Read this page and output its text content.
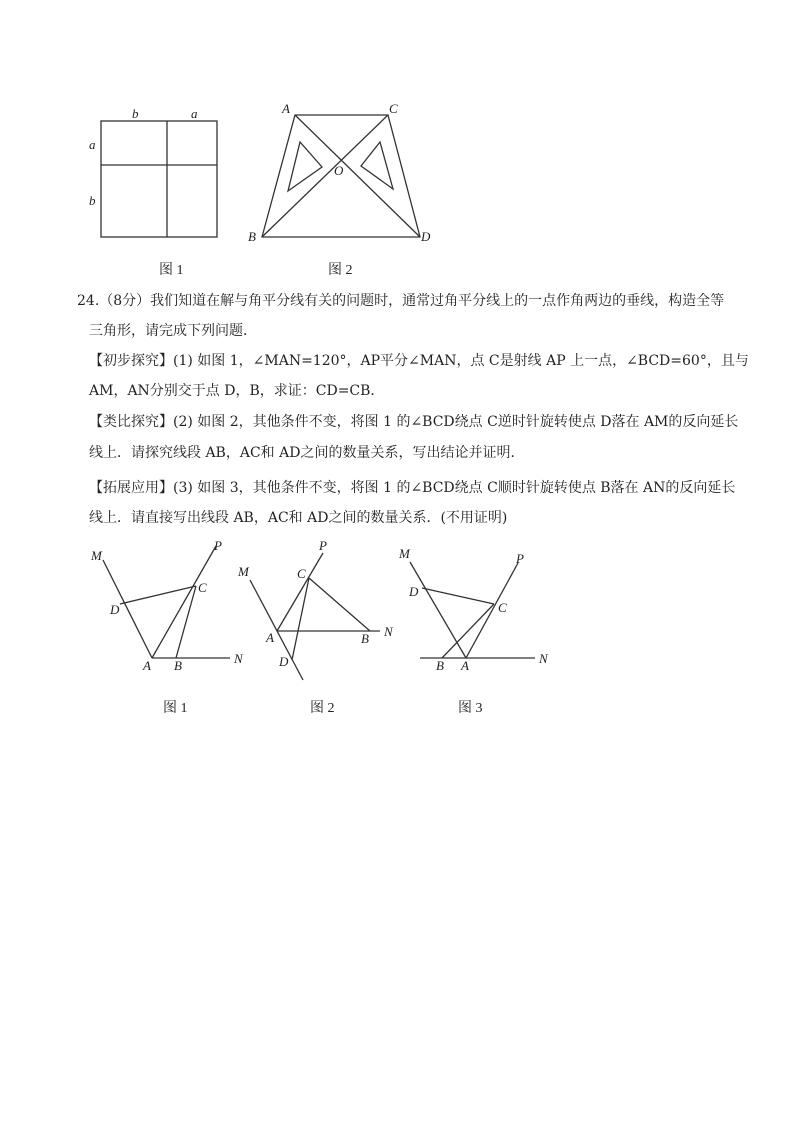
b	a
a
b
图 1
A	C
O
B	D
图 2
24.（8分）我们知道在解与角平分线有关的问题时，通常过角平分线上的一点作角两边的垂线，构造全等
三角形，请完成下列问题．
【初步探究】(1) 如图 1，∠MAN=120°，AP平分∠MAN，点 C是射线 AP 上一点，∠BCD=60°，且与
AM，AN分别交于点 D，B，求证：CD=CB．
【类比探究】(2) 如图 2，其他条件不变，将图 1 的∠BCD绕点 C逆时针旋转使点 D落在 AM的反向延长
线上．请探究线段 AB，AC和 AD之间的数量关系，写出结论并证明．
【拓展应用】(3) 如图 3，其他条件不变，将图 1 的∠BCD绕点 C顺时针旋转使点 B落在 AN的反向延长
线上．请直接写出线段 AB，AC和 AD之间的数量关系．(不用证明)
M
P
C
D
A B	N
图 1
M
P
C
A	B N
D
图 2
M	P
D
C
B A	N
图 3
